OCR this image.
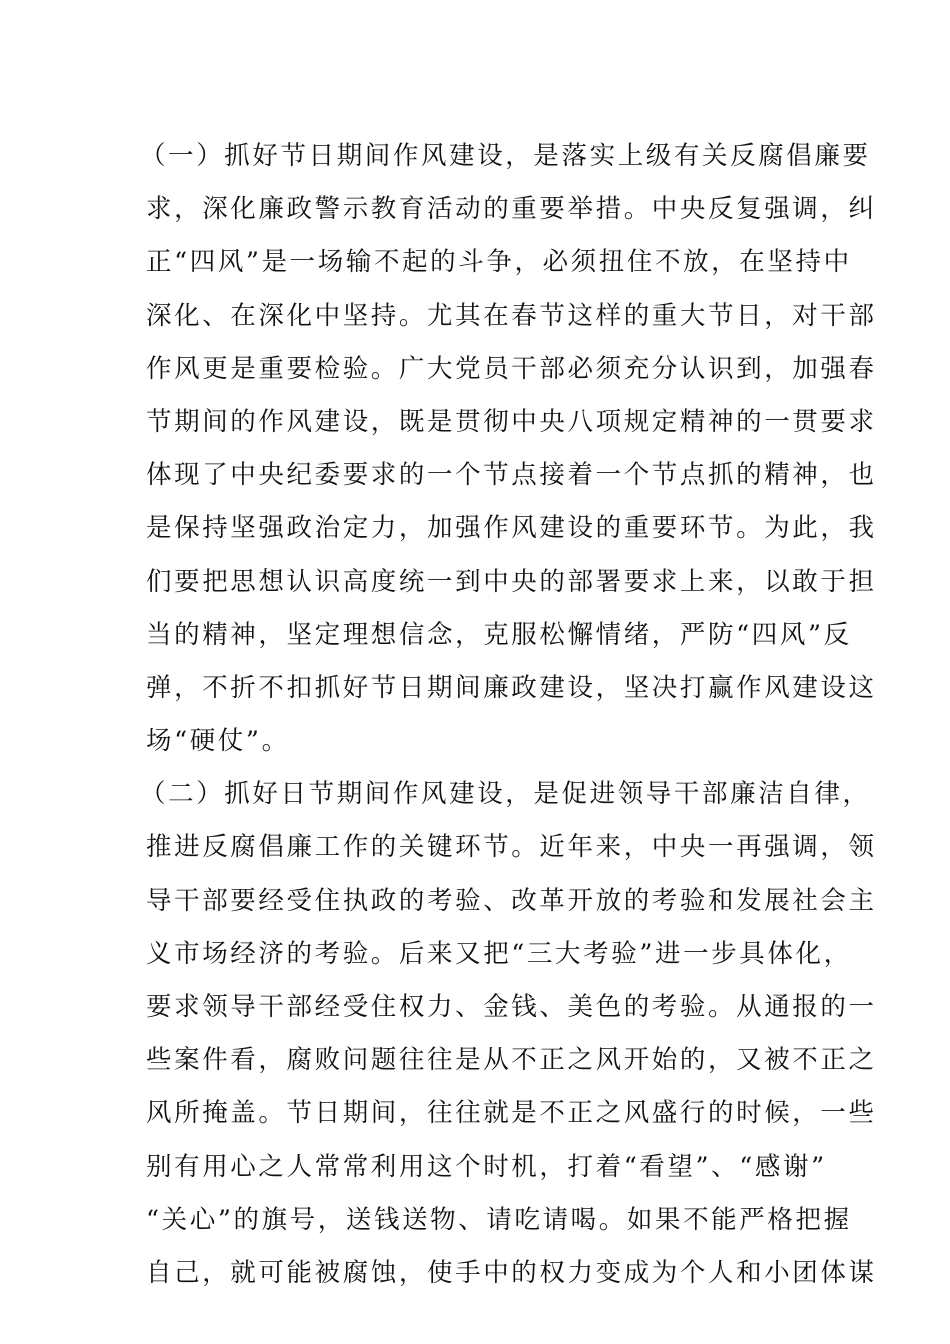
（一）抓好节日期间作风建设，是落实上级有关反腐倡廉要
求，深化廉政警示教育活动的重要举措。中央反复强调，纠
正“四风”是一场输不起的斗争，必须扭住不放，在坚持中
深化、在深化中坚持。尤其在春节这样的重大节日，对干部
作风更是重要检验。广大党员干部必须充分认识到，加强春
节期间的作风建设，既是贯彻中央八项规定精神的一贯要求
体现了中央纪委要求的一个节点接着一个节点抓的精神，也
是保持坚强政治定力，加强作风建设的重要环节。为此，我
们要把思想认识高度统一到中央的部署要求上来，以敢于担
当的精神，坚定理想信念，克服松懈情绪，严防“四风”反
弹，不折不扣抓好节日期间廉政建设，坚决打赢作风建设这
场“硬仗”。
（二）抓好日节期间作风建设，是促进领导干部廉洁自律，
推进反腐倡廉工作的关键环节。近年来，中央一再强调，领
导干部要经受住执政的考验、改革开放的考验和发展社会主
义市场经济的考验。后来又把“三大考验”进一步具体化，
要求领导干部经受住权力、金钱、美色的考验。从通报的一
些案件看，腐败问题往往是从不正之风开始的，又被不正之
风所掩盖。节日期间，往往就是不正之风盛行的时候，一些
别有用心之人常常利用这个时机，打着“看望”、“感谢”
“关心”的旗号，送钱送物、请吃请喝。如果不能严格把握
自己，就可能被腐蚀，使手中的权力变成为个人和小团体谋
